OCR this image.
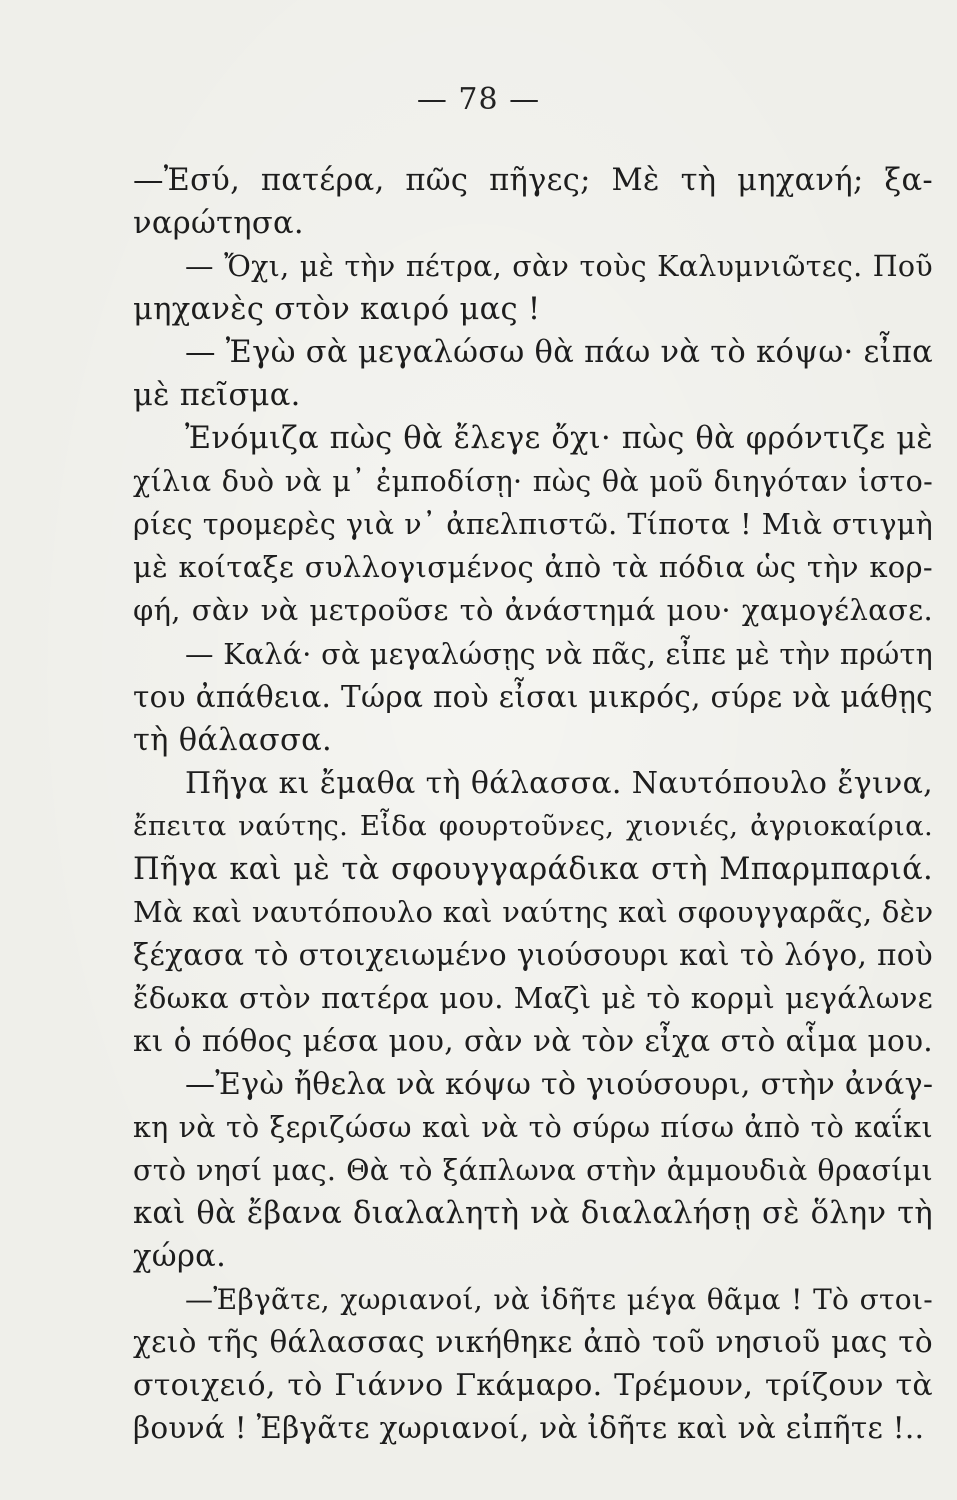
— 78 —
—Ἐσύ, πατέρα, πῶς πῆγες; Μὲ τὴ μηχανή; ξα-
ναρώτησα.
— Ὄχι, μὲ τὴν πέτρα, σὰν τοὺς Καλυμνιῶτες. Ποῦ
μηχανὲς στὸν καιρό μας !
— Ἐγὼ σὰ μεγαλώσω θὰ πάω νὰ τὸ κόψω· εἶπα
μὲ πεῖσμα.
Ἐνόμιζα πὼς θὰ ἔλεγε ὄχι· πὼς θὰ φρόντιζε μὲ
χίλια δυὸ νὰ μ᾽ ἐμποδίσῃ· πὼς θὰ μοῦ διηγόταν ἱστο-
ρίες τρομερὲς γιὰ ν᾽ ἀπελπιστῶ. Τίποτα ! Μιὰ στιγμὴ
μὲ κοίταξε συλλογισμένος ἀπὸ τὰ πόδια ὡς τὴν κορ-
φή, σὰν νὰ μετροῦσε τὸ ἀνάστημά μου· χαμογέλασε.
— Καλά· σὰ μεγαλώσῃς νὰ πᾶς, εἶπε μὲ τὴν πρώτη
του ἀπάθεια. Τώρα ποὺ εἶσαι μικρός, σύρε νὰ μάθῃς
τὴ θάλασσα.
Πῆγα κι ἔμαθα τὴ θάλασσα. Ναυτόπουλο ἔγινα,
ἔπειτα ναύτης. Εἶδα φουρτοῦνες, χιονιές, ἀγριοκαίρια.
Πῆγα καὶ μὲ τὰ σφουγγαράδικα στὴ Μπαρμπαριά.
Μὰ καὶ ναυτόπουλο καὶ ναύτης καὶ σφουγγαρᾶς, δὲν
ξέχασα τὸ στοιχειωμένο γιούσουρι καὶ τὸ λόγο, ποὺ
ἔδωκα στὸν πατέρα μου. Μαζὶ μὲ τὸ κορμὶ μεγάλωνε
κι ὁ πόθος μέσα μου, σὰν νὰ τὸν εἶχα στὸ αἷμα μου.
—Ἐγὼ ἤθελα νὰ κόψω τὸ γιούσουρι, στὴν ἀνάγ-
κη νὰ τὸ ξεριζώσω καὶ νὰ τὸ σύρω πίσω ἀπὸ τὸ καΐκι
στὸ νησί μας. Θὰ τὸ ξάπλωνα στὴν ἀμμουδιὰ θρασίμι
καὶ θὰ ἔβανα διαλαλητὴ νὰ διαλαλήσῃ σὲ ὅλην τὴ
χώρα.
—Ἐβγᾶτε, χωριανοί, νὰ ἰδῆτε μέγα θᾶμα ! Τὸ στοι-
χειὸ τῆς θάλασσας νικήθηκε ἀπὸ τοῦ νησιοῦ μας τὸ
στοιχειό, τὸ Γιάννο Γκάμαρο. Τρέμουν, τρίζουν τὰ
βουνά ! Ἐβγᾶτε χωριανοί, νὰ ἰδῆτε καὶ νὰ εἰπῆτε !..
